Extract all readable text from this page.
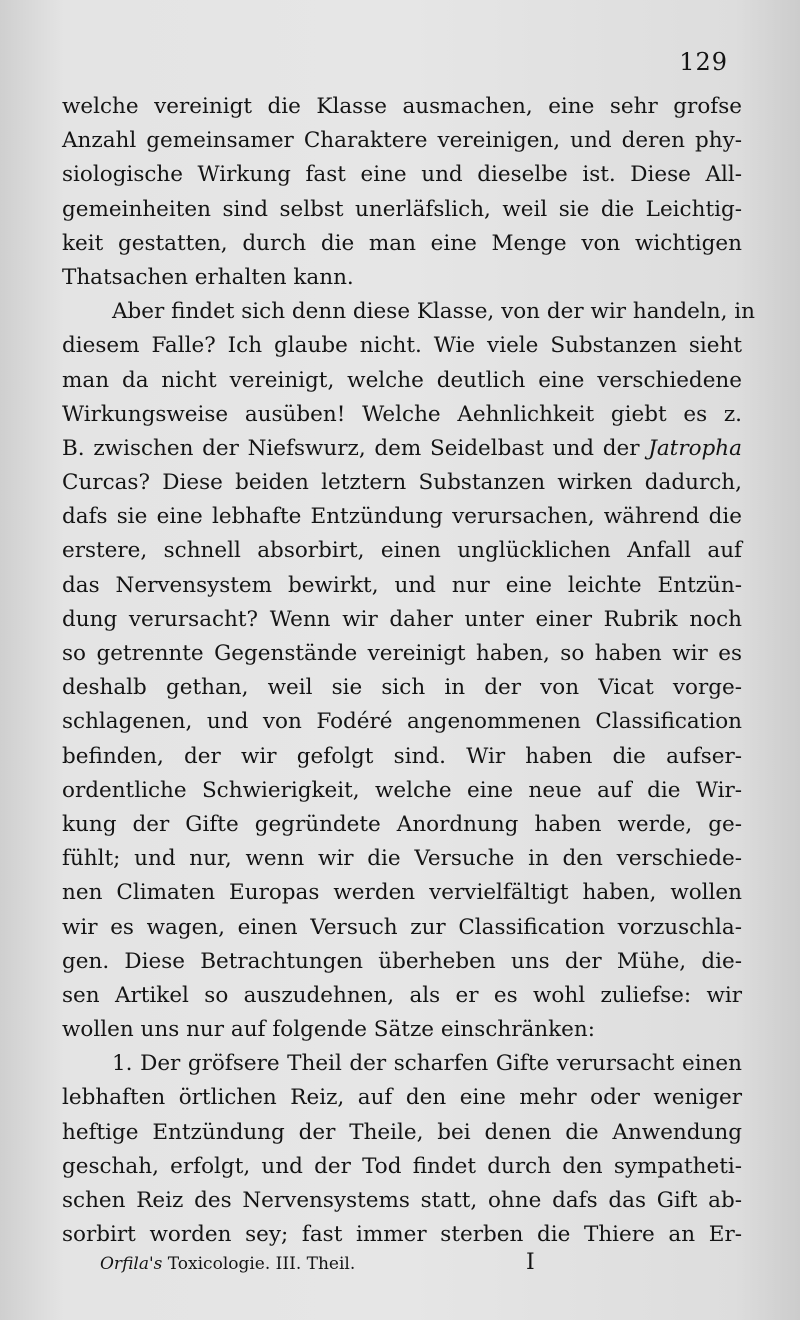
129
welche vereinigt die Klasse ausmachen, eine sehr grofse
Anzahl gemeinsamer Charaktere vereinigen, und deren phy-
siologische Wirkung fast eine und dieselbe ist. Diese All-
gemeinheiten sind selbst unerläfslich, weil sie die Leichtig-
keit gestatten, durch die man eine Menge von wichtigen
Thatsachen erhalten kann.
Aber findet sich denn diese Klasse, von der wir handeln, in
diesem Falle? Ich glaube nicht. Wie viele Substanzen sieht
man da nicht vereinigt, welche deutlich eine verschiedene
Wirkungsweise ausüben! Welche Aehnlichkeit giebt es z.
B. zwischen der Niefswurz, dem Seidelbast und der Jatropha
Curcas? Diese beiden letztern Substanzen wirken dadurch,
dafs sie eine lebhafte Entzündung verursachen, während die
erstere, schnell absorbirt, einen unglücklichen Anfall auf
das Nervensystem bewirkt, und nur eine leichte Entzün-
dung verursacht? Wenn wir daher unter einer Rubrik noch
so getrennte Gegenstände vereinigt haben, so haben wir es
deshalb gethan, weil sie sich in der von Vicat vorge-
schlagenen, und von Fodéré angenommenen Classification
befinden, der wir gefolgt sind. Wir haben die aufser-
ordentliche Schwierigkeit, welche eine neue auf die Wir-
kung der Gifte gegründete Anordnung haben werde, ge-
fühlt; und nur, wenn wir die Versuche in den verschiede-
nen Climaten Europas werden vervielfältigt haben, wollen
wir es wagen, einen Versuch zur Classification vorzuschla-
gen. Diese Betrachtungen überheben uns der Mühe, die-
sen Artikel so auszudehnen, als er es wohl zuliefse: wir
wollen uns nur auf folgende Sätze einschränken:
1. Der gröfsere Theil der scharfen Gifte verursacht einen
lebhaften örtlichen Reiz, auf den eine mehr oder weniger
heftige Entzündung der Theile, bei denen die Anwendung
geschah, erfolgt, und der Tod findet durch den sympatheti-
schen Reiz des Nervensystems statt, ohne dafs das Gift ab-
sorbirt worden sey; fast immer sterben die Thiere an Er-
Orfila's Toxicologie. III. Theil.	I
